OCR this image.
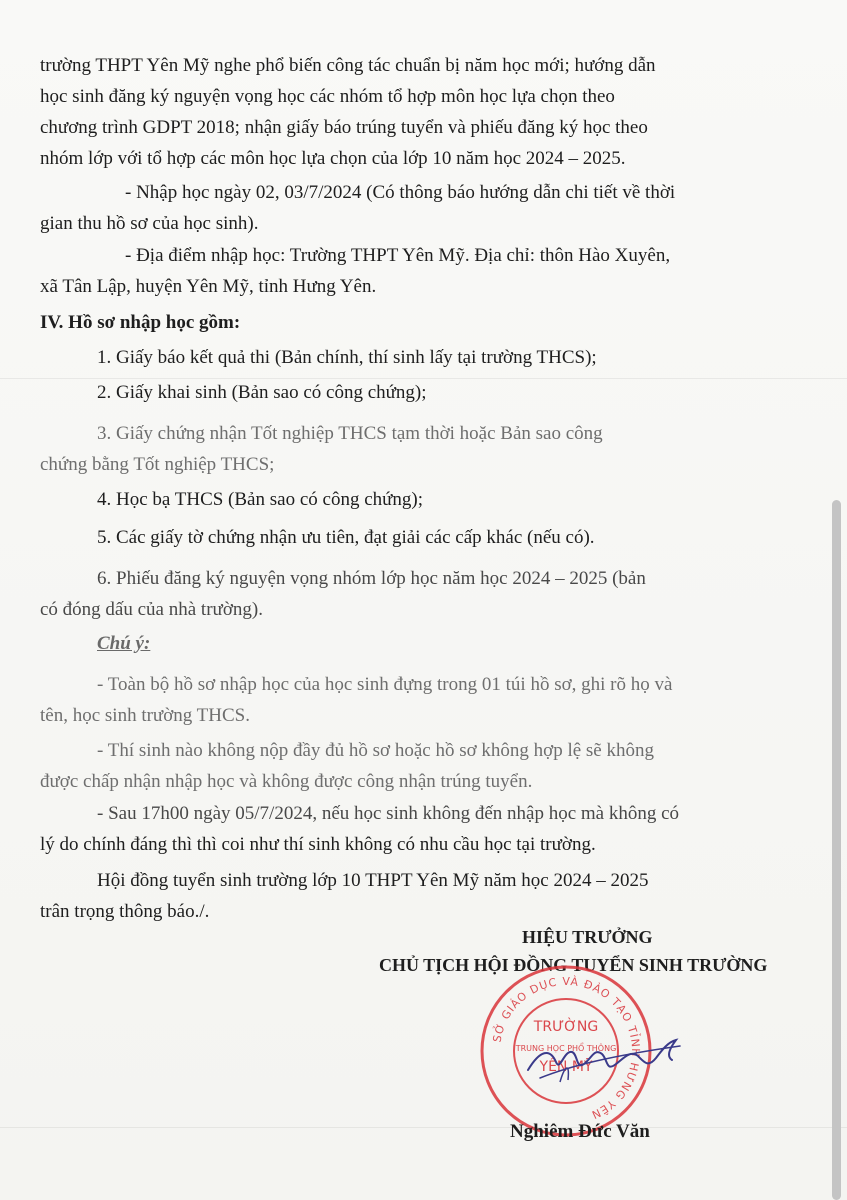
trường THPT Yên Mỹ nghe phổ biến công tác chuẩn bị năm học mới; hướng dẫn
học sinh đăng ký nguyện vọng học các nhóm tổ hợp môn học lựa chọn theo
chương trình GDPT 2018; nhận giấy báo trúng tuyển và phiếu đăng ký học theo
nhóm lớp với tổ hợp các môn học lựa chọn của lớp 10 năm học 2024 – 2025.
- Nhập học ngày 02, 03/7/2024 (Có thông báo hướng dẫn chi tiết về thời
gian thu hồ sơ của học sinh).
- Địa điểm nhập học: Trường THPT Yên Mỹ. Địa chỉ: thôn Hào Xuyên,
xã Tân Lập, huyện Yên Mỹ, tỉnh Hưng Yên.
IV. Hồ sơ nhập học gồm:
1. Giấy báo kết quả thi (Bản chính, thí sinh lấy tại trường THCS);
2. Giấy khai sinh (Bản sao có công chứng);
3. Giấy chứng nhận Tốt nghiệp THCS tạm thời hoặc Bản sao công
chứng bằng Tốt nghiệp THCS;
4. Học bạ THCS (Bản sao có công chứng);
5. Các giấy tờ chứng nhận ưu tiên, đạt giải các cấp khác (nếu có).
6. Phiếu đăng ký nguyện vọng nhóm lớp học năm học 2024 – 2025 (bản
có đóng dấu của nhà trường).
Chú ý:
- Toàn bộ hồ sơ nhập học của học sinh đựng trong 01 túi hồ sơ, ghi rõ họ và
tên, học sinh trường THCS.
- Thí sinh nào không nộp đầy đủ hồ sơ hoặc hồ sơ không hợp lệ sẽ không
được chấp nhận nhập học và không được công nhận trúng tuyển.
- Sau 17h00 ngày 05/7/2024, nếu học sinh không đến nhập học mà không có
lý do chính đáng thì thì coi như thí sinh không có nhu cầu học tại trường.
Hội đồng tuyển sinh trường lớp 10 THPT Yên Mỹ năm học 2024 – 2025
trân trọng thông báo./.
HIỆU TRƯỞNG
CHỦ TỊCH HỘI ĐỒNG TUYỂN SINH TRƯỜNG
SỞ GIÁO DỤC VÀ ĐÀO TẠO TỈNH HƯNG YÊN
TRƯỜNG
TRUNG HỌC PHỔ THÔNG
YÊN MỸ
Nghiêm Đức Văn
